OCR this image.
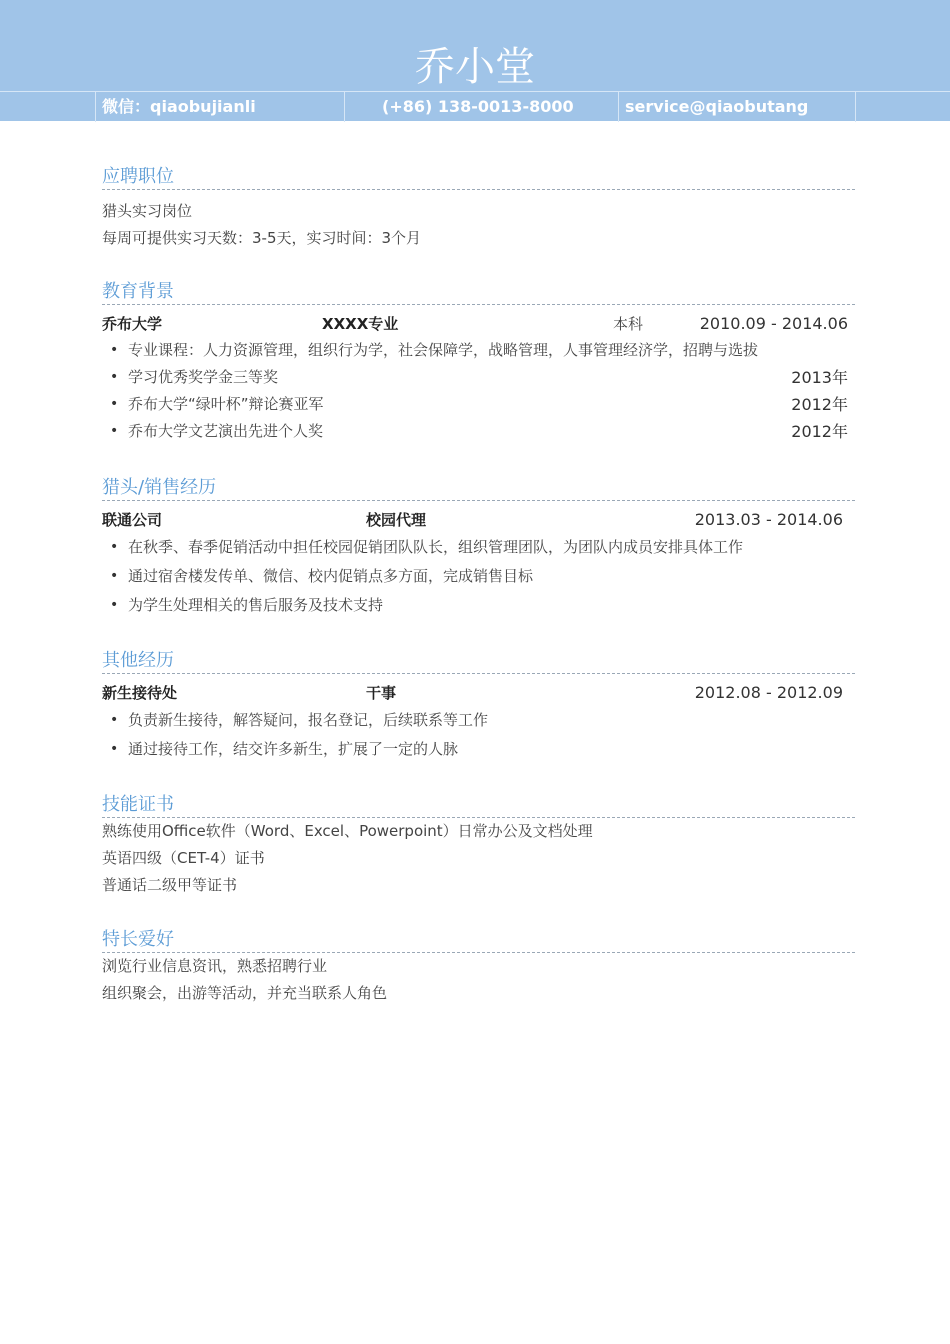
乔小堂
微信：qiaobujianli	(+86) 138-0013-8000	service@qiaobutang
应聘职位
猎头实习岗位
每周可提供实习天数：3-5天，实习时间：3个月
教育背景
乔布大学	XXXX专业	本科	2010.09 - 2014.06
• 专业课程：人力资源管理，组织行为学，社会保障学，战略管理，人事管理经济学，招聘与选拔
• 学习优秀奖学金三等奖	2013年
• 乔布大学“绿叶杯”辩论赛亚军	2012年
• 乔布大学文艺演出先进个人奖	2012年
猎头/销售经历
联通公司	校园代理	2013.03 - 2014.06
• 在秋季、春季促销活动中担任校园促销团队队长，组织管理团队，为团队内成员安排具体工作
• 通过宿舍楼发传单、微信、校内促销点多方面，完成销售目标
• 为学生处理相关的售后服务及技术支持
其他经历
新生接待处	干事	2012.08 - 2012.09
• 负责新生接待，解答疑问，报名登记，后续联系等工作
• 通过接待工作，结交许多新生，扩展了一定的人脉
技能证书
熟练使用Office软件（Word、Excel、Powerpoint）日常办公及文档处理
英语四级（CET-4）证书
普通话二级甲等证书
特长爱好
浏览行业信息资讯，熟悉招聘行业
组织聚会，出游等活动，并充当联系人角色
